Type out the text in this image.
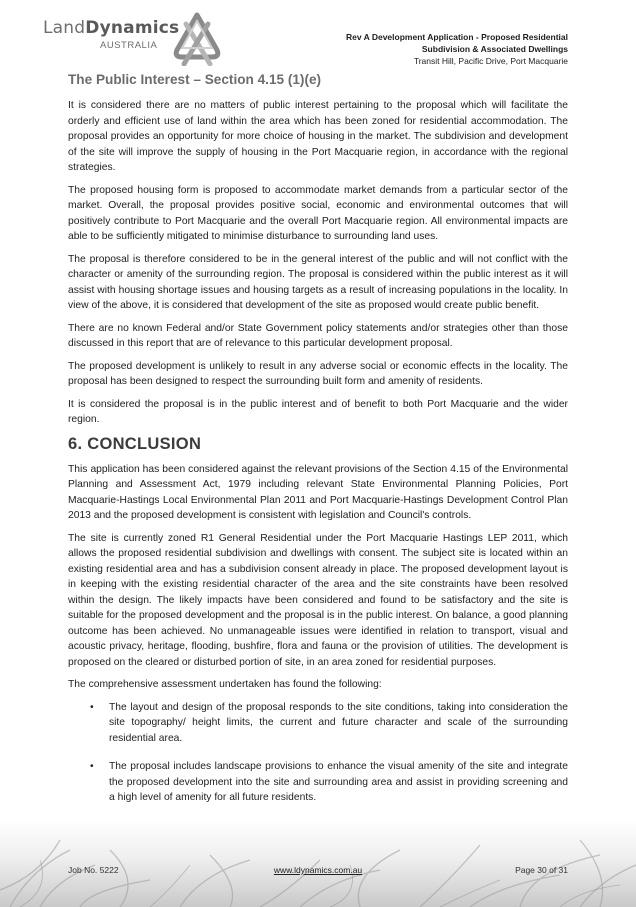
LandDynamics
AUSTRALIA
Rev A Development Application - Proposed Residential
Subdivision & Associated Dwellings
Transit Hill, Pacific Drive, Port Macquarie
The Public Interest – Section 4.15 (1)(e)

It is considered there are no matters of public interest pertaining to the proposal which will facilitate the orderly and efficient use of land within the area which has been zoned for residential accommodation. The proposal provides an opportunity for more choice of housing in the market. The subdivision and development of the site will improve the supply of housing in the Port Macquarie region, in accordance with the regional strategies.

The proposed housing form is proposed to accommodate market demands from a particular sector of the market. Overall, the proposal provides positive social, economic and environmental outcomes that will positively contribute to Port Macquarie and the overall Port Macquarie region. All environmental impacts are able to be sufficiently mitigated to minimise disturbance to surrounding land uses.

The proposal is therefore considered to be in the general interest of the public and will not conflict with the character or amenity of the surrounding region. The proposal is considered within the public interest as it will assist with housing shortage issues and housing targets as a result of increasing populations in the locality. In view of the above, it is considered that development of the site as proposed would create public benefit.

There are no known Federal and/or State Government policy statements and/or strategies other than those discussed in this report that are of relevance to this particular development proposal.

The proposed development is unlikely to result in any adverse social or economic effects in the locality. The proposal has been designed to respect the surrounding built form and amenity of residents.

It is considered the proposal is in the public interest and of benefit to both Port Macquarie and the wider region.

6. CONCLUSION

This application has been considered against the relevant provisions of the Section 4.15 of the Environmental Planning and Assessment Act, 1979 including relevant State Environmental Planning Policies, Port Macquarie-Hastings Local Environmental Plan 2011 and Port Macquarie-Hastings Development Control Plan 2013 and the proposed development is consistent with legislation and Council's controls.

The site is currently zoned R1 General Residential under the Port Macquarie Hastings LEP 2011, which allows the proposed residential subdivision and dwellings with consent. The subject site is located within an existing residential area and has a subdivision consent already in place. The proposed development layout is in keeping with the existing residential character of the area and the site constraints have been resolved within the design. The likely impacts have been considered and found to be satisfactory and the site is suitable for the proposed development and the proposal is in the public interest. On balance, a good planning outcome has been achieved. No unmanageable issues were identified in relation to transport, visual and acoustic privacy, heritage, flooding, bushfire, flora and fauna or the provision of utilities. The development is proposed on the cleared or disturbed portion of site, in an area zoned for residential purposes.

The comprehensive assessment undertaken has found the following:

• The layout and design of the proposal responds to the site conditions, taking into consideration the site topography/ height limits, the current and future character and scale of the surrounding residential area.
• The proposal includes landscape provisions to enhance the visual amenity of the site and integrate the proposed development into the site and surrounding area and assist in providing screening and a high level of amenity for all future residents.
Job No. 5222	www.ldynamics.com.au	Page 30 of 31
